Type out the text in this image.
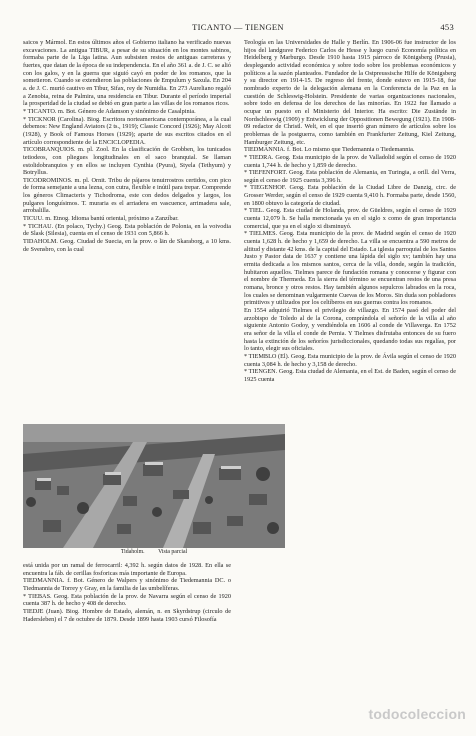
TICANTO — TIENGEN	453

saicos y Mármol. En estos últimos años el Gobierno italiano ha verificado nuevas excavaciones. La antigua TIBUR, a pesar de su situación en los montes sabinos, formaba parte de la Liga latina. Aun subsisten restos de antiguas carreteras y fuertes, que datan de la época de su independencia. En el año 361 a. de J. C. se alió con los galos, y en la guerra que siguió cayó en poder de los romanos, que la sometieron. Cuando se extendieron las poblaciones de Empulum y Saxula. En 204 a. de J. C. murió cautivo en Tibur, Sifax, rey de Numidia. En 273 Aureliano regaló a Zenobia, reina de Palmira, una residencia en Tibur. Durante el período imperial la prosperidad de la ciudad se debió en gran parte a las villas de los romanos ricos.

* TICANTO. m. Bot. Género de Adamson y sinónimo de Casalpinia.

* TICKNOR (Carolina). Biog. Escritora norteamericana contemporánea, a la cual debemos: New England Aviators (2 ts., 1919); Classic Concord (1926); May Alcott (1928), y Book of Famous Horses (1929); aparte de sus escritos citados en el artículo correspondiente de la ENCICLOPEDIA.

TICOBRANQUIOS. m. pl. Zool. En la clasificación de Grobben, los tunicados tetiodeos, con pliegues longitudinales en el saco branquial. Se llaman estolidobranquios y en ellos se incluyen Cynthia (Pyura), Styela (Tethyum) y Botryllus.

TICODROMINOS. m. pl. Ornit. Tribu de pájaros tenuirrostros certidos, con pico de forma semejante a una lezna, con cutra, flexible e inútil para trepar. Comprende los géneros Climacteris y Tichodroma, este con dedos delgados y largos, los pulgares longuísimos. T. muraria es el arriadera en vascuence, arrimadera sale, arrobalilla.

TICUU. m. Etnog. Idioma bantú oriental, próximo a Zanzíbar.

* TICHAU. (En polaco, Tychy.) Geog. Esta población de Polonia, en la voivodia de Slask (Silesia), cuenta en el censo de 1931 con 5,866 h.

TIDAHOLM. Geog. Ciudad de Suecia, en la prov. o län de Skaraborg, a 10 kms. de Svensbro, con la cual

Tidaholm. Vista parcial

está unida por un ramal de ferrocarril: 4,392 h. según datos de 1928. En ella se encuentra la fáb. de cerillas fosforicas más importante de Europa.

TIEDMANNIA. f. Bot. Género de Walpers y sinónimo de Tiedemannia DC. o Tiedmannia de Torrey y Gray, en la familia de las umbelíferas.

* TIEBAS. Geog. Esta población de la prov. de Navarra según el censo de 1920 cuenta 387 h. de hecho y 408 de derecho.

TIEDJE (Juan). Biog. Hombre de Estado, alemán, n. en Skyrdstrup (circulo de Hadersleben) el 7 de octubre de 1879. Desde 1899 hasta 1903 cursó Filosofía

Teología en las Universidades de Halle y Berlín. En 1906-06 fue instructor de los hijos del landgrave Federico Carlos de Hesse y luego cursó Economía política en Heidelberg y Marburgo. Desde 1910 hasta 1915 párroco de Königsberg (Prusia), desplegando actividad económica y sobre todo sobre los problemas económicos y políticos a la sazón planteados. Fundador de la Ostpreussische Hilfe de Königsberg y su director en 1914-15. De regreso del frente, donde estuvo en 1915-18, fue nombrado experto de la delegación alemana en la Conferencia de la Paz en la cuestión de Schleswig-Holstein. Presidente de varias organizaciones nacionales, sobre todo en defensa de los derechos de las minorías. En 1922 fue llamado a ocupar un puesto en el Ministerio del Interior. Ha escrito: Die Zustände in Nordschleswig (1909) y Entwicklung der Oppositionen Bewegung (1921). En 1908-09 redactor de Christl. Welt, en el que insertó gran número de artículos sobre los problemas de la postguerra, como también en Frankfurter Zeitung, Kiel Zeitung, Hamburger Zeitung, etc.

TIEDMANNIA. f. Bot. Lo mismo que Tiedemannia o Tiedemannia.

* TIEDRA. Geog. Esta municipio de la prov. de Valladolid según el censo de 1920 cuenta 1,744 h. de hecho y 1,859 de derecho.

* TIEFENFORT. Geog. Esta población de Alemania, en Turingia, a orill. del Verra, según el censo de 1925 cuenta 3,396 h.

* TIEGENHOF. Geog. Esta población de la Ciudad Libre de Danzig, circ. de Grosser Werder, según el censo de 1929 cuenta 9,410 h. Formaba parte, desde 1560, en 1800 obtuvo la categoría de ciudad.

* TIEL. Geog. Esta ciudad de Holanda, prov. de Güeldres, según el censo de 1929 cuenta 12,079 h. Se halla mencionada ya en el siglo x como de gran importancia comercial, que ya en el siglo xi disminuyó.

* TIELMES. Geog. Esta municipio de la prov. de Madrid según el censo de 1920 cuenta 1,628 h. de hecho y 1,659 de derecho. La villa se encuentra a 590 metros de altitud y distante 42 kms. de la capital del Estado. La iglesia parroquial de los Santos Justo y Pastor data de 1637 y contiene una lápida del siglo xv; también hay una ermita dedicada a los mismos santos, cerca de la villa, donde, según la tradición, hubitaron aquellos. Tielmes parece de fundación romana y conocerse y figurar con el nombre de Thermeda. En la sierra del término se encuentran restos de una presa romana, bronce y otros restos. Hay también algunos sepulcros labrados en la roca, los cuales se denominan vulgarmente Cuevas de los Moros. Sin duda son pobladores primitivos y utilizados por los celtíberos en sus guerras contra los romanos.

En 1554 adquirió Tielmes el privilegio de villazgo. En 1574 pasó del poder del arzobispo de Toledo al de la Corona, comprándola el señorío de la villa al año siguiente Antonio Godoy, y vendiéndola en 1606 al conde de Villaverga. En 1752 era señor de la villa el conde de Pernia. Y Tielmes disfrutaba entonces de su fuero hasta la extinción de los señoríos jurisdiccionales, quedando todas sus regalías, por lo tanto, elegir sus oficiales.

* TIEMBLO (El). Geog. Esta municipio de la prov. de Ávila según el censo de 1920 cuenta 3,084 h. de hecho y 3,158 de derecho.

* TIENGEN. Geog. Esta ciudad de Alemania, en el Est. de Baden, según el censo de 1925 cuenta

todocoleccion
